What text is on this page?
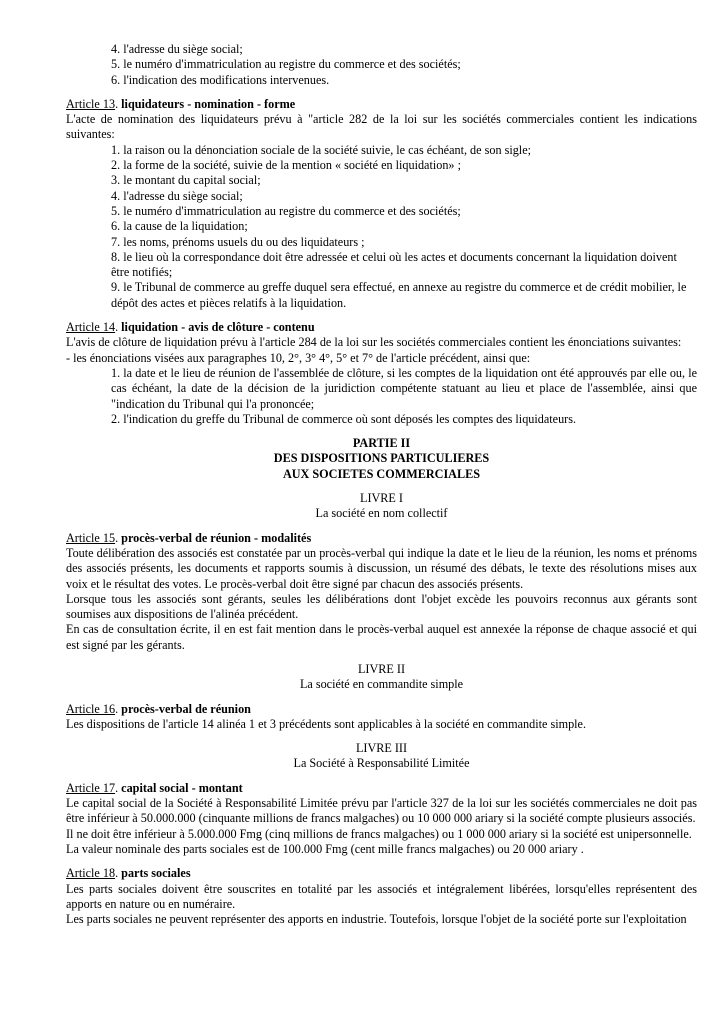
4. l'adresse du siège social;
5. le numéro d'immatriculation au registre du commerce et des sociétés;
6. l'indication des modifications intervenues.

Article 13. liquidateurs - nomination - forme

L'acte de nomination des liquidateurs prévu à "article 282 de la loi sur les sociétés commerciales contient les indications suivantes:

1. la raison ou la dénonciation sociale de la société suivie, le cas échéant, de son sigle;
2. la forme de la société, suivie de la mention « société en liquidation» ;
3. le montant du capital social;
4. l'adresse du siège social;
5. le numéro d'immatriculation au registre du commerce et des sociétés;
6. la cause de la liquidation;
7. les noms, prénoms usuels du ou des liquidateurs ;
8. le lieu où la correspondance doit être adressée et celui où les actes et documents concernant la liquidation doivent être notifiés;
9. le Tribunal de commerce au greffe duquel sera effectué, en annexe au registre du commerce et de crédit mobilier, le dépôt des actes et pièces relatifs à la liquidation.

Article 14. liquidation - avis de clôture - contenu

L'avis de clôture de liquidation prévu à l'article 284 de la loi sur les sociétés commerciales contient les énonciations suivantes:

- les énonciations visées aux paragraphes 10, 2°, 3° 4°, 5° et 7° de l'article précédent, ainsi que:

1. la date et le lieu de réunion de l'assemblée de clôture, si les comptes de la liquidation ont été approuvés par elle ou, le cas échéant, la date de la décision de la juridiction compétente statuant au lieu et place de l'assemblée, ainsi que "indication du Tribunal qui l'a prononcée;
2. l'indication du greffe du Tribunal de commerce où sont déposés les comptes des liquidateurs.
PARTIE II
DES DISPOSITIONS PARTICULIERES
AUX SOCIETES COMMERCIALES
LIVRE I
La société en nom collectif

Article 15. procès-verbal de réunion - modalités

Toute délibération des associés est constatée par un procès-verbal qui indique la date et le lieu de la réunion, les noms et prénoms des associés présents, les documents et rapports soumis à discussion, un résumé des débats, le texte des résolutions mises aux voix et le résultat des votes. Le procès-verbal doit être signé par chacun des associés présents.

Lorsque tous les associés sont gérants, seules les délibérations dont l'objet excède les pouvoirs reconnus aux gérants sont soumises aux dispositions de l'alinéa précédent.

En cas de consultation écrite, il en est fait mention dans le procès-verbal auquel est annexée la réponse de chaque associé et qui est signé par les gérants.

LIVRE II
La société en commandite simple

Article 16. procès-verbal de réunion

Les dispositions de l'article 14 alinéa 1 et 3 précédents sont applicables à la société en commandite simple.

LIVRE III
La Société à Responsabilité Limitée

Article 17. capital social - montant

Le capital social de la Société à Responsabilité Limitée prévu par l'article 327 de la loi sur les sociétés commerciales ne doit pas être inférieur à 50.000.000 (cinquante millions de francs malgaches) ou 10 000 000 ariary si la société compte plusieurs associés.

Il ne doit être inférieur à 5.000.000 Fmg (cinq millions de francs malgaches) ou 1 000 000 ariary si la société est unipersonnelle.

La valeur nominale des parts sociales est de 100.000 Fmg (cent mille francs malgaches) ou 20 000 ariary .

Article 18. parts sociales

Les parts sociales doivent être souscrites en totalité par les associés et intégralement libérées, lorsqu'elles représentent des apports en nature ou en numéraire.

Les parts sociales ne peuvent représenter des apports en industrie. Toutefois, lorsque l'objet de la société porte sur l'exploitation
